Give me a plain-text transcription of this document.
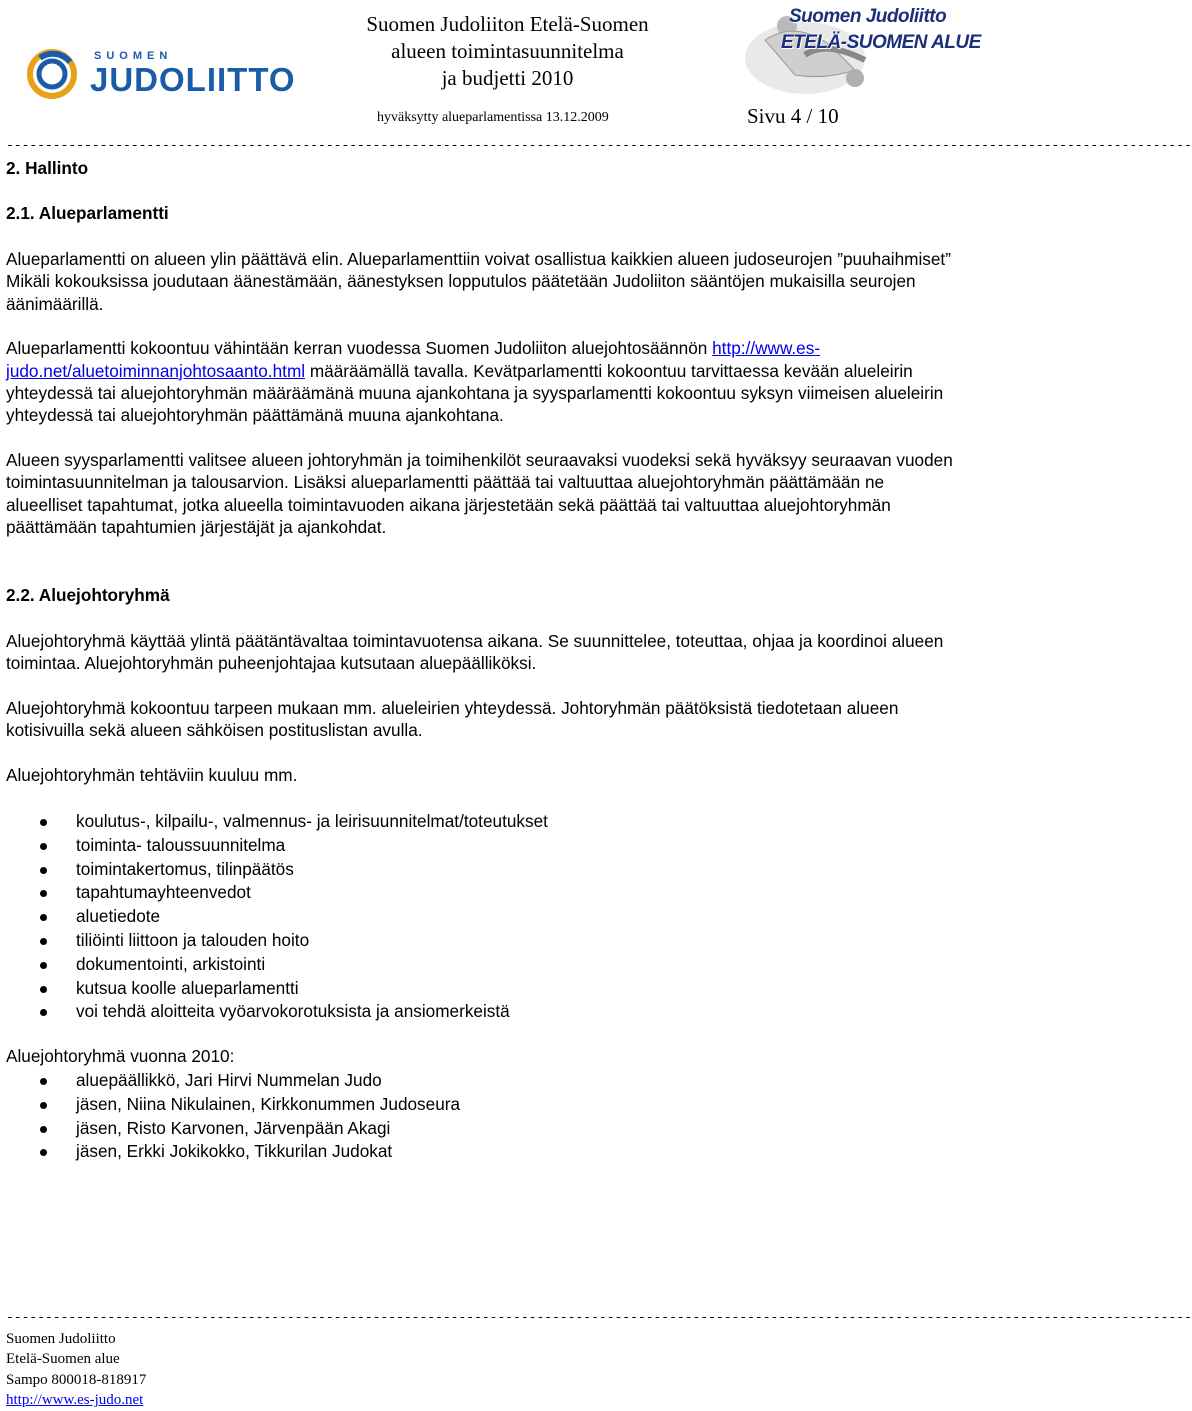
SUOMEN
JUDOLIITTO
Suomen Judoliiton Etelä-Suomen
alueen toimintasuunnitelma
ja budjetti 2010
hyväksytty alueparlamentissa 13.12.2009	Sivu 4 / 10
Suomen Judoliitto
ETELÄ-SUOMEN ALUE
--------------------------------------------------------------------------------------------------------------------------------------------------------
2. Hallinto
2.1. Alueparlamentti

Alueparlamentti on alueen ylin päättävä elin. Alueparlamenttiin voivat osallistua kaikkien alueen judoseurojen ”puuhaihmiset” Mikäli kokouksissa joudutaan äänestämään, äänestyksen lopputulos päätetään Judoliiton sääntöjen mukaisilla seurojen äänimäärillä.

Alueparlamentti kokoontuu vähintään kerran vuodessa Suomen Judoliiton aluejohtosäännön http://www.es-judo.net/aluetoiminnanjohtosaanto.html määräämällä tavalla. Kevätparlamentti kokoontuu tarvittaessa kevään alueleirin yhteydessä tai aluejohtoryhmän määräämänä muuna ajankohtana ja syysparlamentti kokoontuu syksyn viimeisen alueleirin yhteydessä tai aluejohtoryhmän päättämänä muuna ajankohtana.

Alueen syysparlamentti valitsee alueen johtoryhmän ja toimihenkilöt seuraavaksi vuodeksi sekä hyväksyy seuraavan vuoden toimintasuunnitelman ja talousarvion. Lisäksi alueparlamentti päättää tai valtuuttaa aluejohtoryhmän päättämään ne alueelliset tapahtumat, jotka alueella toimintavuoden aikana järjestetään sekä päättää tai valtuuttaa aluejohtoryhmän päättämään tapahtumien järjestäjät ja ajankohdat.

2.2. Aluejohtoryhmä

Aluejohtoryhmä käyttää ylintä päätäntävaltaa toimintavuotensa aikana. Se suunnittelee, toteuttaa, ohjaa ja koordinoi alueen toimintaa. Aluejohtoryhmän puheenjohtajaa kutsutaan aluepäälliköksi.

Aluejohtoryhmä kokoontuu tarpeen mukaan mm. alueleirien yhteydessä. Johtoryhmän päätöksistä tiedotetaan alueen kotisivuilla sekä alueen sähköisen postituslistan avulla.

Aluejohtoryhmän tehtäviin kuuluu mm.

koulutus-, kilpailu-, valmennus- ja leirisuunnitelmat/toteutukset
toiminta- taloussuunnitelma
toimintakertomus, tilinpäätös
tapahtumayhteenvedot
aluetiedote
tiliöinti liittoon ja talouden hoito
dokumentointi, arkistointi
kutsua koolle alueparlamentti
voi tehdä aloitteita vyöarvokorotuksista ja ansiomerkeistä
Aluejohtoryhmä vuonna 2010:
aluepäällikkö, Jari Hirvi Nummelan Judo
jäsen, Niina Nikulainen, Kirkkonummen Judoseura
jäsen, Risto Karvonen, Järvenpään Akagi
jäsen, Erkki Jokikokko, Tikkurilan Judokat
--------------------------------------------------------------------------------------------------------------------------------------------------------
Suomen Judoliitto
Etelä-Suomen alue
Sampo 800018-818917
http://www.es-judo.net
